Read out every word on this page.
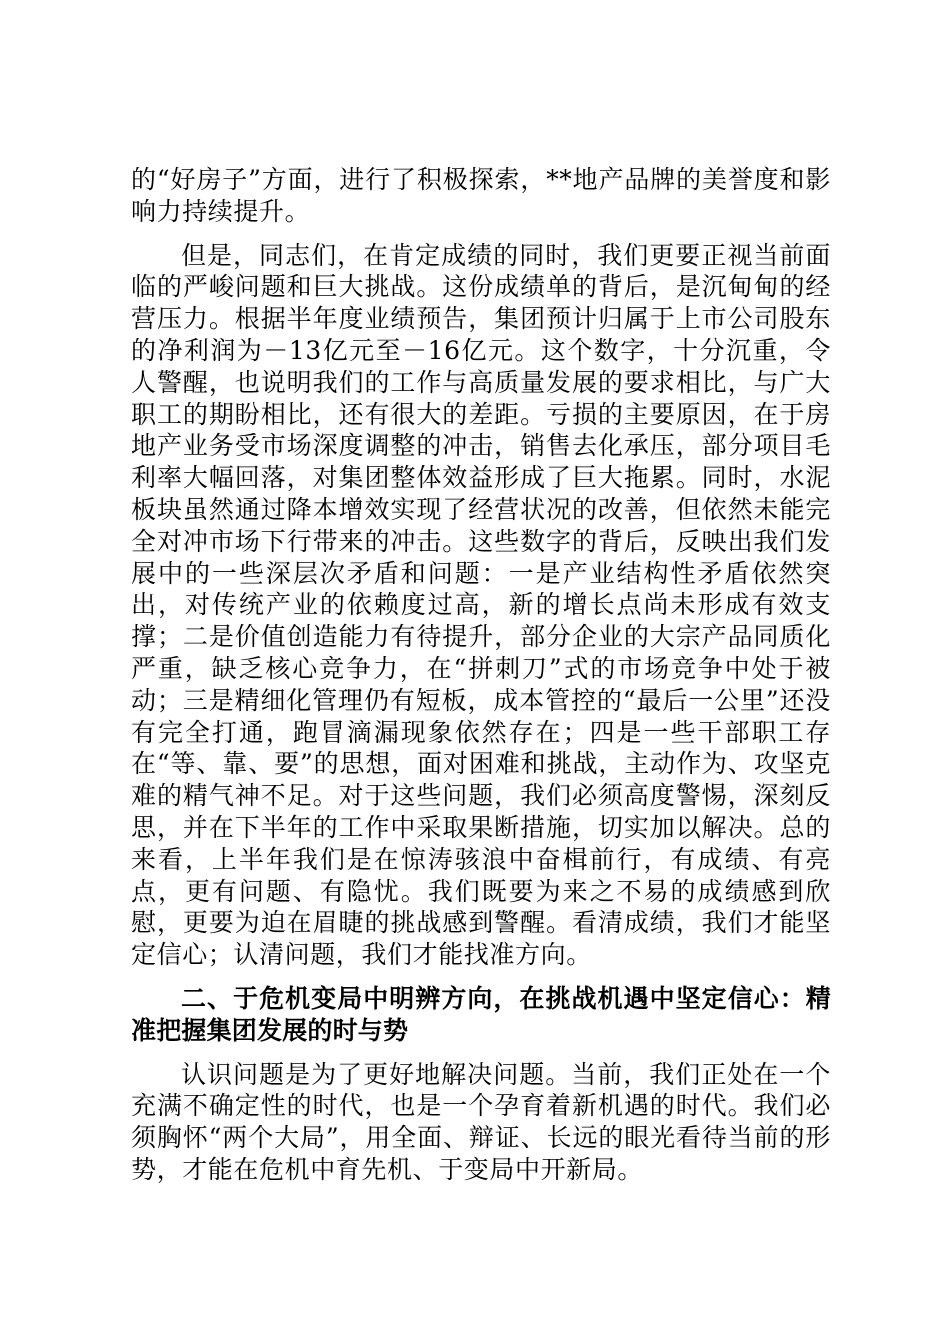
的“好房子”方面，进行了积极探索，**地产品牌的美誉度和影响力持续提升。

但是，同志们，在肯定成绩的同时，我们更要正视当前面临的严峻问题和巨大挑战。这份成绩单的背后，是沉甸甸的经营压力。根据半年度业绩预告，集团预计归属于上市公司股东的净利润为－13亿元至－16亿元。这个数字，十分沉重，令人警醒，也说明我们的工作与高质量发展的要求相比，与广大职工的期盼相比，还有很大的差距。亏损的主要原因，在于房地产业务受市场深度调整的冲击，销售去化承压，部分项目毛利率大幅回落，对集团整体效益形成了巨大拖累。同时，水泥板块虽然通过降本增效实现了经营状况的改善，但依然未能完全对冲市场下行带来的冲击。这些数字的背后，反映出我们发展中的一些深层次矛盾和问题：一是产业结构性矛盾依然突出，对传统产业的依赖度过高，新的增长点尚未形成有效支撑；二是价值创造能力有待提升，部分企业的大宗产品同质化严重，缺乏核心竞争力，在“拼刺刀”式的市场竞争中处于被动；三是精细化管理仍有短板，成本管控的“最后一公里”还没有完全打通，跑冒滴漏现象依然存在；四是一些干部职工存在“等、靠、要”的思想，面对困难和挑战，主动作为、攻坚克难的精气神不足。对于这些问题，我们必须高度警惕，深刻反思，并在下半年的工作中采取果断措施，切实加以解决。总的来看，上半年我们是在惊涛骇浪中奋楫前行，有成绩、有亮点，更有问题、有隐忧。我们既要为来之不易的成绩感到欣慰，更要为迫在眉睫的挑战感到警醒。看清成绩，我们才能坚定信心；认清问题，我们才能找准方向。

二、于危机变局中明辨方向，在挑战机遇中坚定信心：精准把握集团发展的时与势

认识问题是为了更好地解决问题。当前，我们正处在一个充满不确定性的时代，也是一个孕育着新机遇的时代。我们必须胸怀“两个大局”，用全面、辩证、长远的眼光看待当前的形势，才能在危机中育先机、于变局中开新局。
